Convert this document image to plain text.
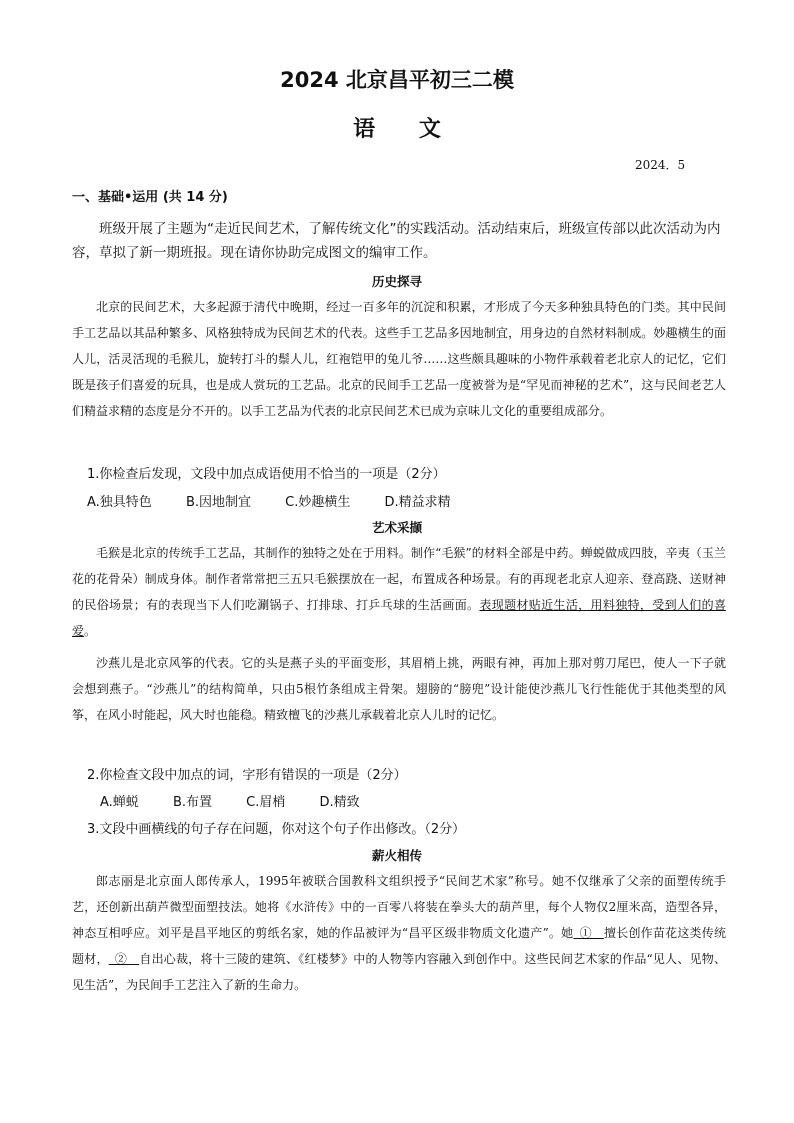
2024 北京昌平初三二模
语 文
2024．5
一、基础•运用 (共 14 分)
班级开展了主题为“走近民间艺术，了解传统文化”的实践活动。活动结束后，班级宣传部以此次活动为内容，草拟了新一期班报。现在请你协助完成图文的编审工作。
历史探寻
北京的民间艺术，大多起源于清代中晚期，经过一百多年的沉淀和积累，才形成了今天多种独具特色的门类。其中民间手工艺品以其品种繁多、风格独特成为民间艺术的代表。这些手工艺品多因地制宜，用身边的自然材料制成。妙趣横生的面人儿，活灵活现的毛猴儿，旋转打斗的鬃人儿，红袍铠甲的兔儿爷……这些颇具趣味的小物件承载着老北京人的记忆，它们既是孩子们喜爱的玩具，也是成人赏玩的工艺品。北京的民间手工艺品一度被誉为是“罕见而神秘的艺术”，这与民间老艺人们精益求精的态度是分不开的。以手工艺品为代表的北京民间艺术已成为京味儿文化的重要组成部分。
1.你检查后发现，文段中加点成语使用不恰当的一项是（2分）
A.独具特色	B.因地制宜	C.妙趣横生	D.精益求精
艺术采撷
毛猴是北京的传统手工艺品，其制作的独特之处在于用料。制作“毛猴”的材料全部是中药。蝉蜕做成四肢，辛夷（玉兰花的花骨朵）制成身体。制作者常常把三五只毛猴摆放在一起，布置成各种场景。有的再现老北京人迎亲、登高跷、送财神的民俗场景；有的表现当下人们吃涮锅子、打排球、打乒乓球的生活画面。表现题材贴近生活，用料独特，受到人们的喜爱。
沙燕儿是北京风筝的代表。它的头是燕子头的平面变形，其眉梢上挑，两眼有神，再加上那对剪刀尾巴，使人一下子就会想到燕子。“沙燕儿”的结构简单，只由5根竹条组成主骨架。翅膀的“膀兜”设计能使沙燕儿飞行性能优于其他类型的风筝，在风小时能起，风大时也能稳。精致檀飞的沙燕儿承载着北京人儿时的记忆。
2.你检查文段中加点的词，字形有错误的一项是（2分）
A.蝉蜕	B.布置	C.眉梢	D.精致
3.文段中画横线的句子存在问题，你对这个句子作出修改。（2分）
薪火相传
郎志丽是北京面人郎传承人，1995年被联合国教科文组织授予“民间艺术家”称号。她不仅继承了父亲的面塑传统手艺，还创新出葫芦微型面塑技法。她将《水浒传》中的一百零八将装在拳头大的葫芦里，每个人物仅2厘米高，造型各异，神态互相呼应。刘平是昌平地区的剪纸名家，她的作品被评为“昌平区级非物质文化遗产”。她 ①  擅长创作苗花这类传统题材， ②  自出心裁，将十三陵的建筑、《红楼梦》中的人物等内容融入到创作中。这些民间艺术家的作品“见人、见物、见生活”，为民间手工艺注入了新的生命力。
